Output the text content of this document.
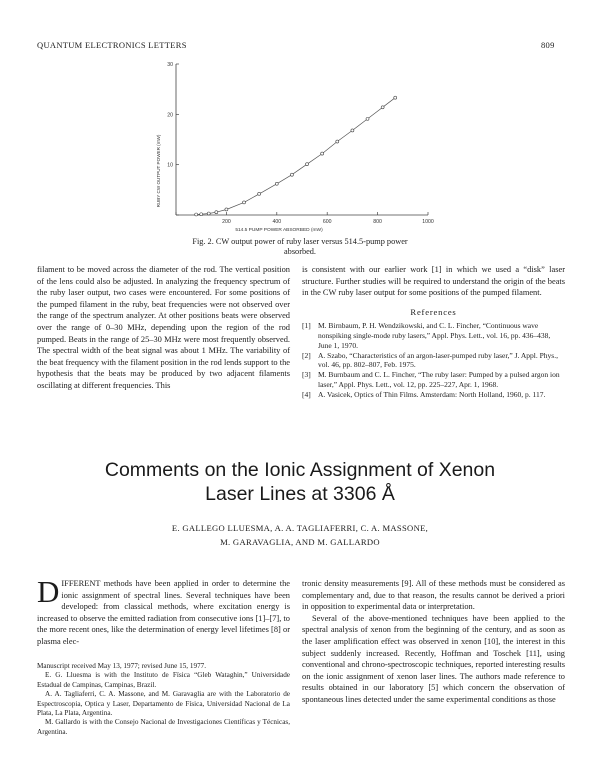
QUANTUM ELECTRONICS LETTERS	809
200	400	600	800	1000
10
20
30
RUBY CW OUTPUT POWER (mW)
514.5 PUMP POWER ABSORBED (mW)
Fig. 2. CW output power of ruby laser versus 514.5-pump power
absorbed.

filament to be moved across the diameter of the rod. The vertical position of the lens could also be adjusted. In analyzing the frequency spectrum of the ruby laser output, two cases were encountered. For some positions of the pumped filament in the ruby, beat frequencies were not observed over the range of the spectrum analyzer. At other positions beats were observed over the range of 0–30 MHz, depending upon the region of the rod pumped. Beats in the range of 25–30 MHz were most frequently observed. The spectral width of the beat signal was about 1 MHz. The variability of the beat frequency with the filament position in the rod lends support to the hypothesis that the beats may be produced by two adjacent filaments oscillating at different frequencies. This

is consistent with our earlier work [1] in which we used a “disk” laser structure. Further studies will be required to understand the origin of the beats in the CW ruby laser output for some positions of the pumped filament.

References
[1] M. Birnbaum, P. H. Wendzikowski, and C. L. Fincher, “Continuous wave nonspiking single-mode ruby lasers,” Appl. Phys. Lett., vol. 16, pp. 436–438, June 1, 1970.
[2] A. Szabo, “Characteristics of an argon-laser-pumped ruby laser,” J. Appl. Phys., vol. 46, pp. 802–807, Feb. 1975.
[3] M. Burnbaum and C. L. Fincher, “The ruby laser: Pumped by a pulsed argon ion laser,” Appl. Phys. Lett., vol. 12, pp. 225–227, Apr. 1, 1968.
[4] A. Vasicek, Optics of Thin Films. Amsterdam: North Holland, 1960, p. 117.
Comments on the Ionic Assignment of Xenon
Laser Lines at 3306 Å
E. GALLEGO LLUESMA, A. A. TAGLIAFERRI, C. A. MASSONE,
M. GARAVAGLIA, AND M. GALLARDO
D IFFERENT methods have been applied in order to determine the ionic assignment of spectral lines. Several techniques have been developed: from classical methods, where excitation energy is increased to observe the emitted radiation from consecutive ions [1]–[7], to the more recent ones, like the determination of energy level lifetimes [8] or plasma elec-

Manuscript received May 13, 1977; revised June 15, 1977.

E. G. Lluesma is with the Instituto de Física “Gleb Wataghin,” Universidade Estadual de Campinas, Campinas, Brazil.

A. A. Tagliaferri, C. A. Massone, and M. Garavaglia are with the Laboratorio de Espectroscopia, Optica y Laser, Departamento de Física, Universidad Nacional de La Plata, La Plata, Argentina.

M. Gallardo is with the Consejo Nacional de Investigaciones Científicas y Técnicas, Argentina.

tronic density measurements [9]. All of these methods must be considered as complementary and, due to that reason, the results cannot be derived a priori in opposition to experimental data or interpretation.

Several of the above-mentioned techniques have been applied to the spectral analysis of xenon from the beginning of the century, and as soon as the laser amplification effect was observed in xenon [10], the interest in this subject suddenly increased. Recently, Hoffman and Toschek [11], using conventional and chrono-spectroscopic techniques, reported interesting results on the ionic assignment of xenon laser lines. The authors made reference to results obtained in our laboratory [5] which concern the observation of spontaneous lines detected under the same experimental conditions as those
